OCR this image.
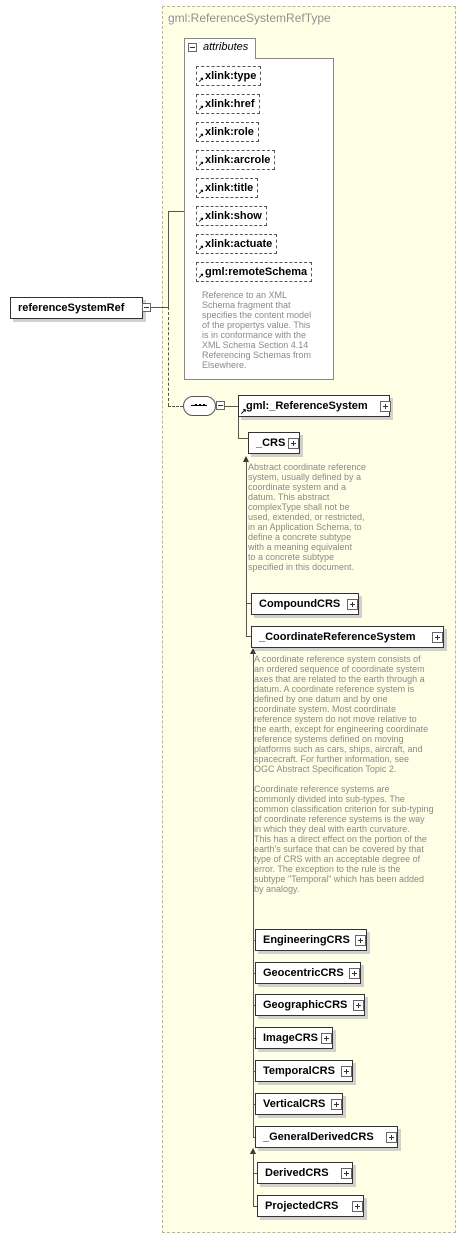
gml:ReferenceSystemRefType
attributes
↗ xlink:type
↗ xlink:href
↗ xlink:role
↗ xlink:arcrole
↗ xlink:title
↗ xlink:show
↗ xlink:actuate
↗ gml:remoteSchema
Reference to an XML
Schema fragment that
specifies the content model
of the propertys value. This
is in conformance with the
XML Schema Section 4.14
Referencing Schemas from
Elsewhere.
referenceSystemRef
↗ gml:_ReferenceSystem
_CRS
Abstract coordinate reference
system, usually defined by a
coordinate system and a
datum. This abstract
complexType shall not be
used, extended, or restricted,
in an Application Schema, to
define a concrete subtype
with a meaning equivalent
to a concrete subtype
specified in this document.
CompoundCRS
_CoordinateReferenceSystem
A coordinate reference system consists of
an ordered sequence of coordinate system
axes that are related to the earth through a
datum. A coordinate reference system is
defined by one datum and by one
coordinate system. Most coordinate
reference system do not move relative to
the earth, except for engineering coordinate
reference systems defined on moving
platforms such as cars, ships, aircraft, and
spacecraft. For further information, see
OGC Abstract Specification Topic 2.
Coordinate reference systems are
commonly divided into sub-types. The
common classification criterion for sub-typing
of coordinate reference systems is the way
in which they deal with earth curvature.
This has a direct effect on the portion of the
earth's surface that can be covered by that
type of CRS with an acceptable degree of
error. The exception to the rule is the
subtype "Temporal" which has been added
by analogy.
EngineeringCRS
GeocentricCRS
GeographicCRS
ImageCRS
TemporalCRS
VerticalCRS
_GeneralDerivedCRS
DerivedCRS
ProjectedCRS
